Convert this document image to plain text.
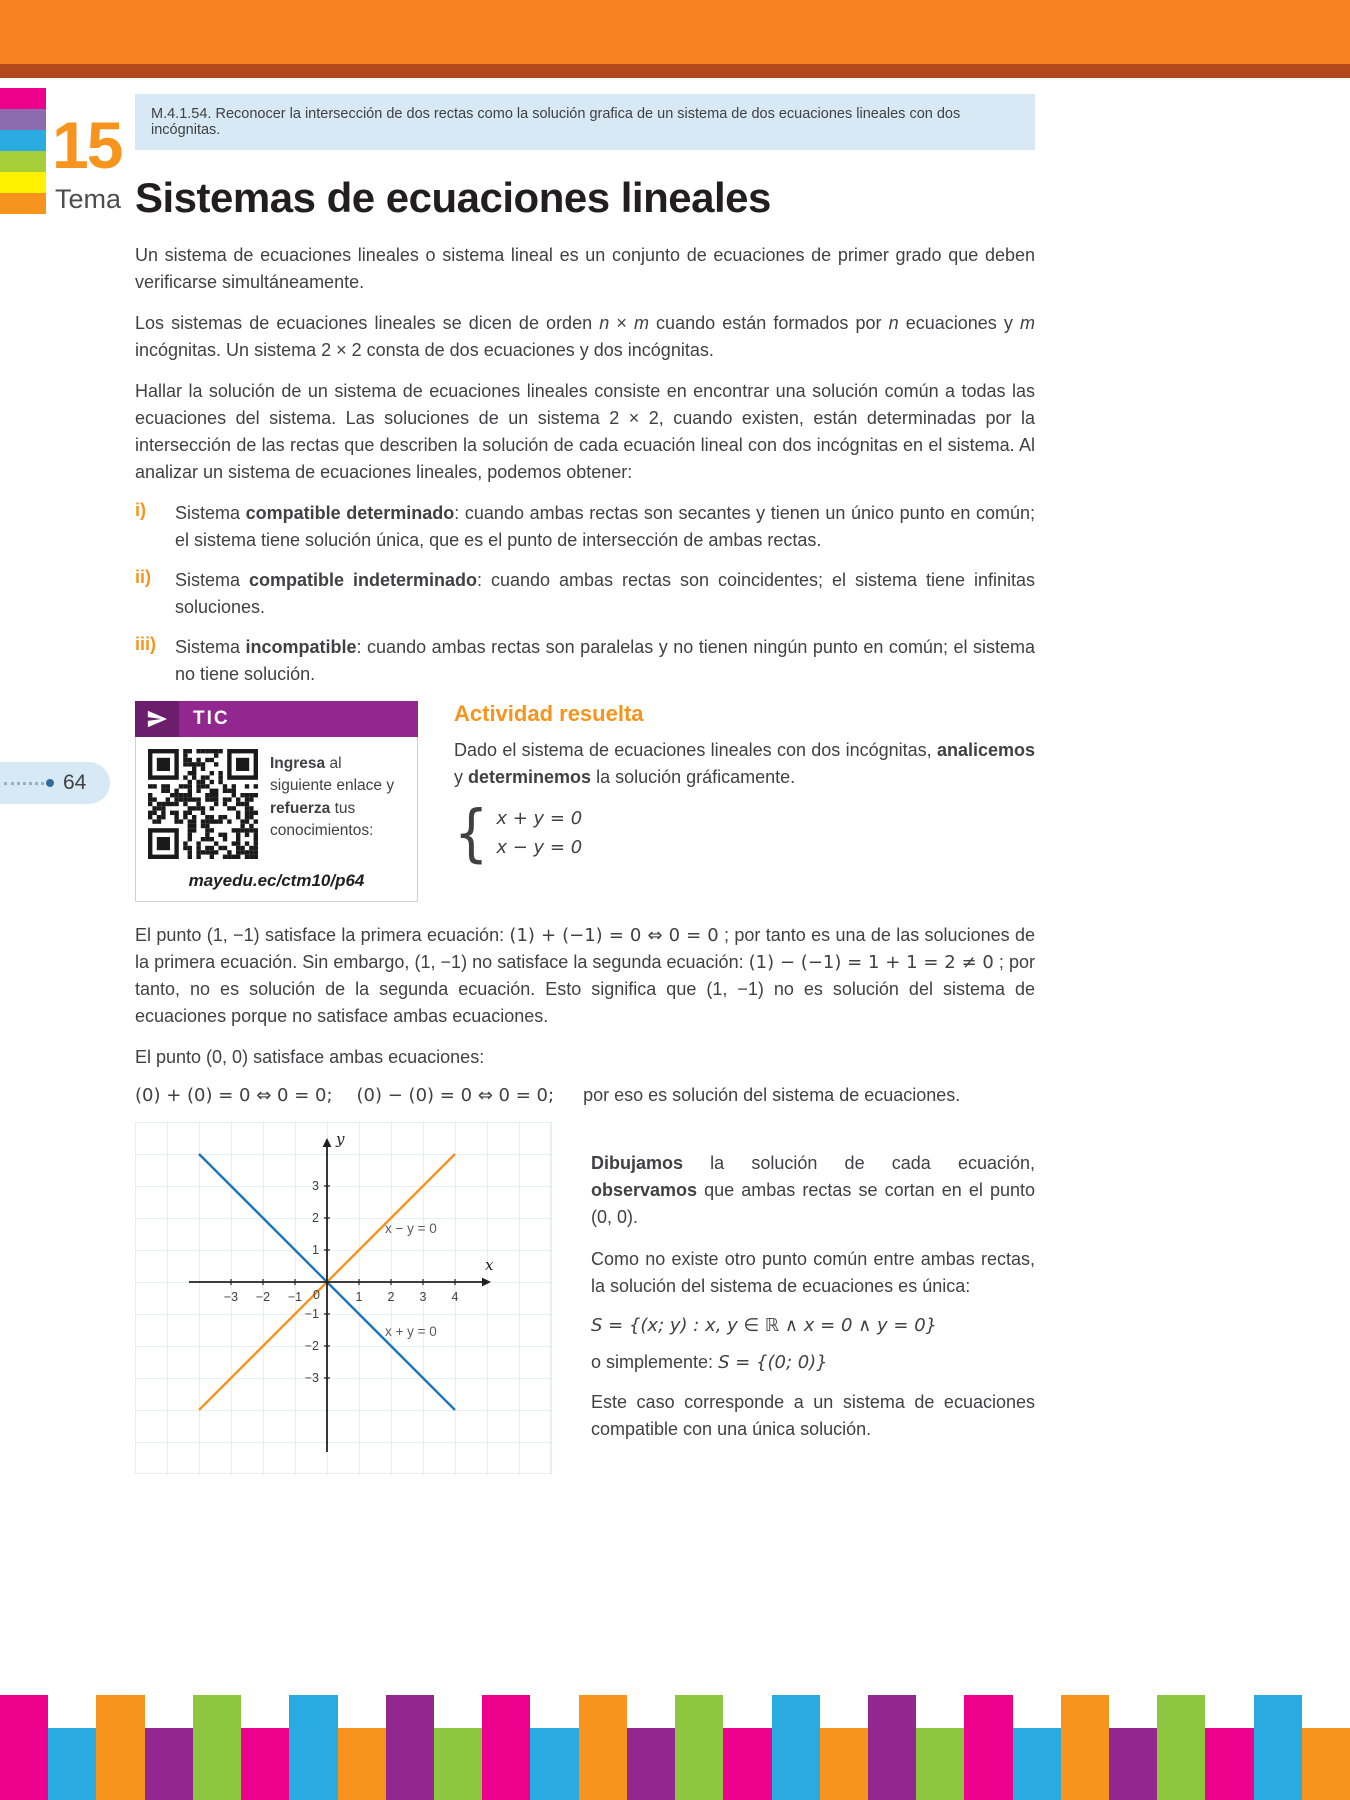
15
Tema
64
M.4.1.54. Reconocer la intersección de dos rectas como la solución grafica de un sistema de dos ecuaciones lineales con dos incógnitas.
Sistemas de ecuaciones lineales

Un sistema de ecuaciones lineales o sistema lineal es un conjunto de ecuaciones de primer grado que deben verificarse simultáneamente.

Los sistemas de ecuaciones lineales se dicen de orden n × m cuando están formados por n ecuaciones y m incógnitas. Un sistema 2 × 2 consta de dos ecuaciones y dos incógnitas.

Hallar la solución de un sistema de ecuaciones lineales consiste en encontrar una solución común a todas las ecuaciones del sistema. Las soluciones de un sistema 2 × 2, cuando existen, están determinadas por la intersección de las rectas que describen la solución de cada ecuación lineal con dos incógnitas en el sistema. Al analizar un sistema de ecuaciones lineales, podemos obtener:

i)	Sistema compatible determinado: cuando ambas rectas son secantes y tienen un único punto en común; el sistema tiene solución única, que es el punto de intersección de ambas rectas.
ii)	Sistema compatible indeterminado: cuando ambas rectas son coincidentes; el sistema tiene infinitas soluciones.
iii)	Sistema incompatible: cuando ambas rectas son paralelas y no tienen ningún punto en común; el sistema no tiene solución.
TIC
Ingresa al siguiente enlace y refuerza tus conocimientos:
mayedu.ec/ctm10/p64
Actividad resuelta

Dado el sistema de ecuaciones lineales con dos incógnitas, analicemos y determinemos la solución gráficamente.

{ x + y = 0
x − y = 0

El punto (1, −1) satisface la primera ecuación: (1) + (−1) = 0 ⇔ 0 = 0 ; por tanto es una de las soluciones de la primera ecuación. Sin embargo, (1, −1) no satisface la segunda ecuación: (1) − (−1) = 1 + 1 = 2 ≠ 0 ; por tanto, no es solución de la segunda ecuación. Esto significa que (1, −1) no es solución del sistema de ecuaciones porque no satisface ambas ecuaciones.

El punto (0, 0) satisface ambas ecuaciones:

(0) + (0) = 0 ⇔ 0 = 0; (0) − (0) = 0 ⇔ 0 = 0; por eso es solución del sistema de ecuaciones.

−3 −2 −1	1 2 3 4
0
3
2
1
−1
−2
−3
y
x
x − y = 0
x + y = 0

Dibujamos la solución de cada ecuación, observamos que ambas rectas se cortan en el punto (0, 0).

Como no existe otro punto común entre ambas rectas, la solución del sistema de ecuaciones es única:

S = {(x; y) : x, y ∈ ℝ ∧ x = 0 ∧ y = 0}

o simplemente: S = {(0; 0)}

Este caso corresponde a un sistema de ecuaciones compatible con una única solución.
